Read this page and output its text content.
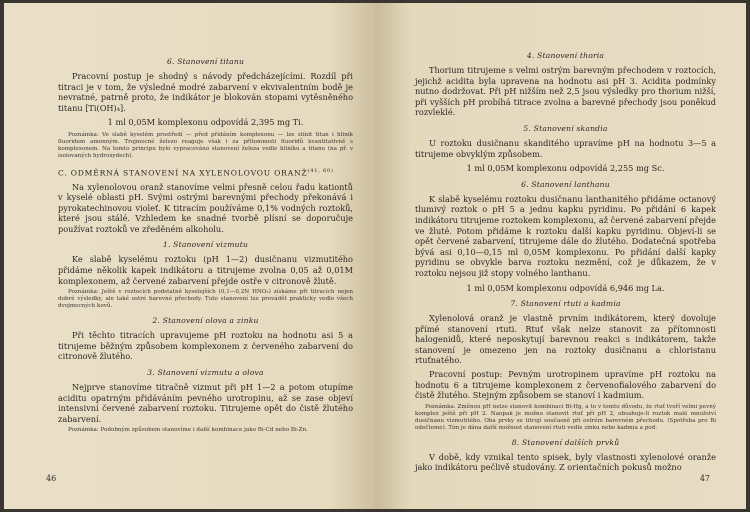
6. Stanovení titanu

Pracovní postup je shodný s návody předcházejícími. Rozdíl při titraci je v tom, že výsledné modré zabarvení v ekvivalentním bodě je nevratné, patrně proto, že indikátor je blokován stopami vytěsněného titanu [Ti(OH)₄].

1 ml 0,05M komplexonu odpovídá 2,395 mg Ti.

Poznámka: Ve slabě kyselém prostředí — před přidáním komplexonu — lze stínit titan i hliník fluoridem amonným. Trojmocné železo reaguje však i za přítomnosti fluoridů kvantitativně s komplexonem. Na tomto principu bylo vypracováno stanovení železa vedle hliníku a titanu (na př. v isolovaných hydroxydech).
C. ODMĚRNÁ STANOVENÍ NA XYLENOLOVOU ORANŽ$^{(41, 60)}$

Na xylenolovou oranž stanovíme velmi přesně celou řadu kationtů v kyselé oblasti pH. Svými ostrými barevnými přechody překonává i pyrokatechinovou violeť. K titracím používáme 0,1% vodných roztoků, které jsou stálé. Vzhledem ke snadné tvorbě plísní se doporučuje používat roztoků ve zředěném alkoholu.

1. Stanovení vizmutu

Ke slabě kyselému roztoku (pH 1—2) dusičnanu vizmutitého přidáme několik kapek indikátoru a titrujeme zvolna 0,05 až 0,01M komplexonem, až červené zabarvení přejde ostře v citronově žlutě.

Poznámka: Ještě v roztocích podstatně kyselejších (0,1—0,2N HNO₃) získáme při titracích nejen dobré výsledky, ale také ostré barevné přechody. Tuto stanovení lze provádět prakticky vedle všech dvojmocných kovů.
2. Stanovení olova a zinku

Při těchto titracích upravujeme pH roztoku na hodnotu asi 5 a titrujeme běžným způsobem komplexonem z červeného zabarvení do citronově žlutého.

3. Stanovení vizmutu a olova

Nejprve stanovíme titračně vizmut při pH 1—2 a potom otupíme aciditu opatrným přidáváním pevného urotropinu, až se zase objeví intensivní červené zabarvení roztoku. Titrujeme opět do čistě žlutého zabarvení.

Poznámka: Podobným způsobem stanovíme i další kombinace jako Bi-Cd nebo Bi-Zn.
46
4. Stanovení thoria

Thorium titrujeme s velmi ostrým barevným přechodem v roztocích, jejichž acidita byla upravena na hodnotu asi pH 3. Acidita podmínky nutno dodržovat. Při pH nižším než 2,5 jsou výsledky pro thorium nižší, při vyšších pH probíhá titrace zvolna a barevné přechody jsou poněkud rozvleklé.

5. Stanovení skandia

U roztoku dusičnanu skanditého upravíme pH na hodnotu 3—5 a titrujeme obvyklým způsobem.

1 ml 0,05M komplexonu odpovídá 2,255 mg Sc.

6. Stanovení lanthanu

K slabě kyselému roztoku dusičnanu lanthanitého přidáme octanový tlumivý roztok o pH 5 a jednu kapku pyridinu. Po přidání 6 kapek indikátoru titrujeme roztokem komplexonu, až červené zabarvení přejde ve žluté. Potom přidáme k roztoku další kapku pyridinu. Objeví-li se opět červené zabarvení, titrujeme dále do žlutého. Dodatečná spotřeba bývá asi 0,10—0,15 ml 0,05M komplexonu. Po přidání další kapky pyridinu se obvykle barva roztoku nezmění, což je důkazem, že v roztoku nejsou již stopy volného lanthanu.

1 ml 0,05M komplexonu odpovídá 6,946 mg La.

7. Stanovení rtuti a kadmia

Xylenolová oranž je vlastně prvním indikátorem, který dovoluje přímé stanovení rtuti. Rtuť však nelze stanovit za přítomnosti halogenidů, které neposkytují barevnou reakci s indikátorem, takže stanovení je omezeno jen na roztoky dusičnanu a chloristanu rtuťnatého.

Pracovní postup: Pevným urotropinem upravíme pH roztoku na hodnotu 6 a titrujeme komplexonem z červenofialového zabarvení do čistě žlutého. Stejným způsobem se stanoví i kadmium.

Poznámka. Změnou pH nelze stanovit kombinaci Bi-Hg, a to v tomto důvodu, že rtuť tvoří velmi pevný komplex ještě při pH 2. Naopak je možno stanovit rtuť při pH 2, obsahuje-li roztok malé množství dusičnanu vizmutitého. Oba prvky se titrují současně při ostrém barevném přechodu. (Spotřeba pro Bi odečteme). Tím je dána další možnost stanovení rtuti vedle zinku nebo kadmia a pod.
8. Stanovení dalších prvků

V době, kdy vznikal tento spisek, byly vlastnosti xylenolové oranže jako indikátoru pečlivě studovány. Z orientačních pokusů možno

47
